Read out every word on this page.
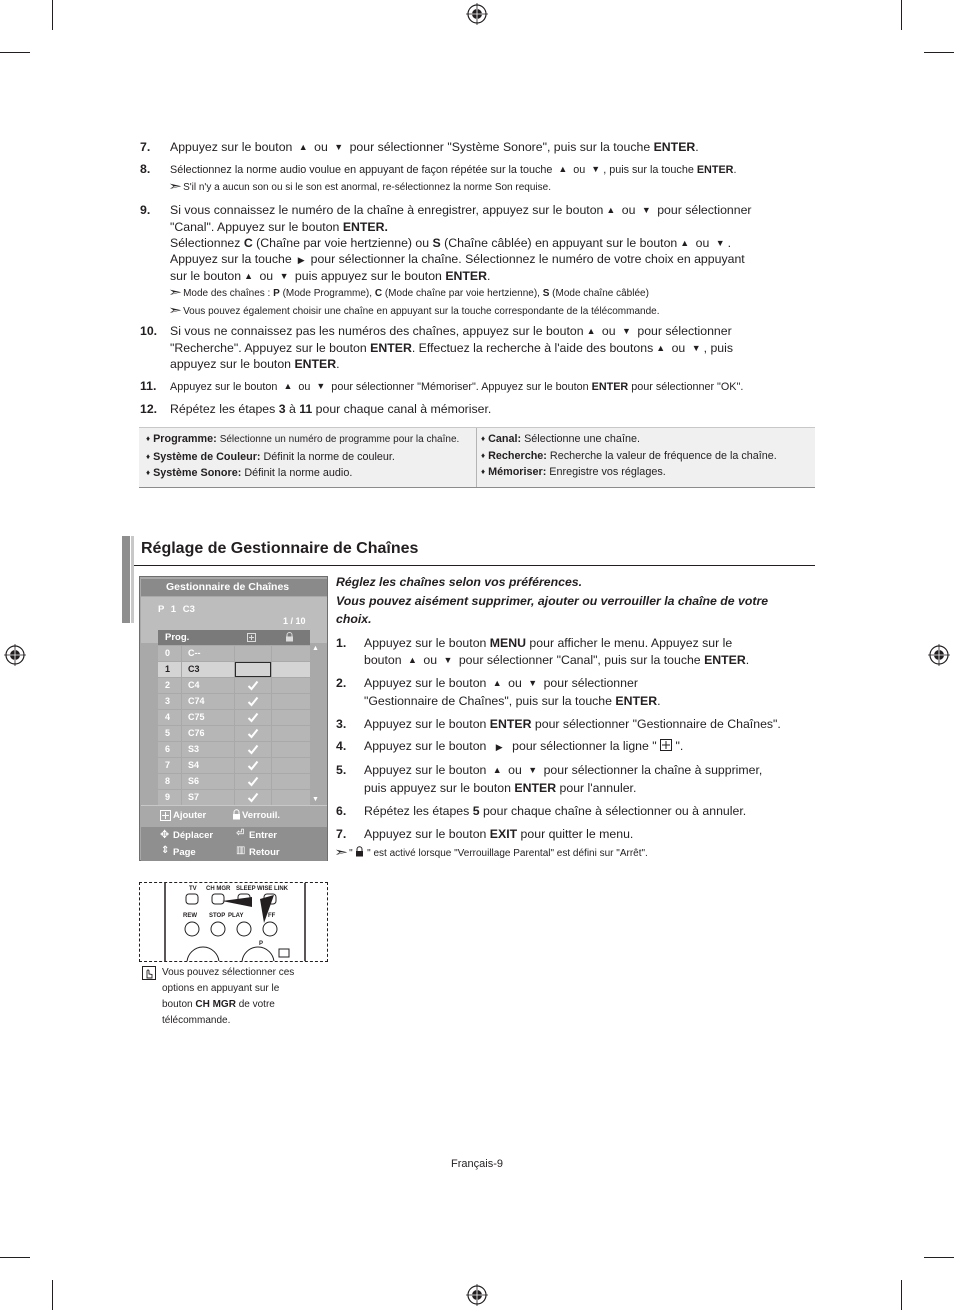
7.	Appuyez sur le bouton ▲ ou ▼ pour sélectionner "Système Sonore", puis sur la touche ENTER.
8.	Sélectionnez la norme audio voulue en appuyant de façon répétée sur la touche ▲ ou ▼ , puis sur la touche ENTER.

➣S'il n'y a aucun son ou si le son est anormal, re-sélectionnez la norme Son requise.

9.	Si vous connaissez le numéro de la chaîne à enregistrer, appuyez sur le bouton ▲ ou ▼ pour sélectionner

"Canal". Appuyez sur le bouton ENTER.

Sélectionnez C (Chaîne par voie hertzienne) ou S (Chaîne câblée) en appuyant sur le bouton ▲ ou ▼ .

Appuyez sur la touche ▶ pour sélectionner la chaîne. Sélectionnez le numéro de votre choix en appuyant

sur le bouton ▲ ou ▼ puis appuyez sur le bouton ENTER.

➣Mode des chaînes : P (Mode Programme), C (Mode chaîne par voie hertzienne), S (Mode chaîne câblée)

➣Vous pouvez également choisir une chaîne en appuyant sur la touche correspondante de la télécommande.

10.	Si vous ne connaissez pas les numéros des chaînes, appuyez sur le bouton ▲ ou ▼ pour sélectionner

"Recherche". Appuyez sur le bouton ENTER. Effectuez la recherche à l'aide des boutons ▲ ou ▼ , puis

appuyez sur le bouton ENTER.

11.	Appuyez sur le bouton ▲ ou ▼ pour sélectionner "Mémoriser". Appuyez sur le bouton ENTER pour sélectionner "OK".
12.	Répétez les étapes 3 à 11 pour chaque canal à mémoriser.
♦ Programme: Sélectionne un numéro de programme pour la chaîne.
♦ Système de Couleur: Définit la norme de couleur.
♦ Système Sonore: Définit la norme audio.
♦ Canal: Sélectionne une chaîne.
♦ Recherche: Recherche la valeur de fréquence de la chaîne.
♦ Mémoriser: Enregistre vos réglages.
Réglage de Gestionnaire de Chaînes
Gestionnaire de Chaînes
P 1 C3
1 / 10
Prog.
0	C--
1	C3
2	C4
3	C74
4	C75
5	C76
6	S3
7	S4
8	S6
9	S7
▲
▼
Ajouter	Verrouil.
✥ Déplacer ⏎ Entrer
⇕ Page	▥ Retour
TV CH MGR SLEEP WISE LINK
REW STOP PLAY	FF
P
Vous pouvez sélectionner ces options en appuyant sur le bouton CH MGR de votre télécommande.
Réglez les chaînes selon vos préférences.
Vous pouvez aisément supprimer, ajouter ou verrouiller la chaîne de votre choix.
1.	Appuyez sur le bouton MENU pour afficher le menu. Appuyez sur le
bouton ▲ ou ▼ pour sélectionner "Canal", puis sur la touche ENTER.
2.	Appuyez sur le bouton ▲ ou ▼ pour sélectionner
"Gestionnaire de Chaînes", puis sur la touche ENTER.
3.	Appuyez sur le bouton ENTER pour sélectionner "Gestionnaire de Chaînes".
4.	Appuyez sur le bouton ▶ pour sélectionner la ligne "  ".
5.	Appuyez sur le bouton ▲ ou ▼ pour sélectionner la chaîne à supprimer,
puis appuyez sur le bouton ENTER pour l'annuler.
6.	Répétez les étapes 5 pour chaque chaîne à sélectionner ou à annuler.
7.	Appuyez sur le bouton EXIT pour quitter le menu.
➣"  " est activé lorsque "Verrouillage Parental" est défini sur "Arrêt".
Français-9
